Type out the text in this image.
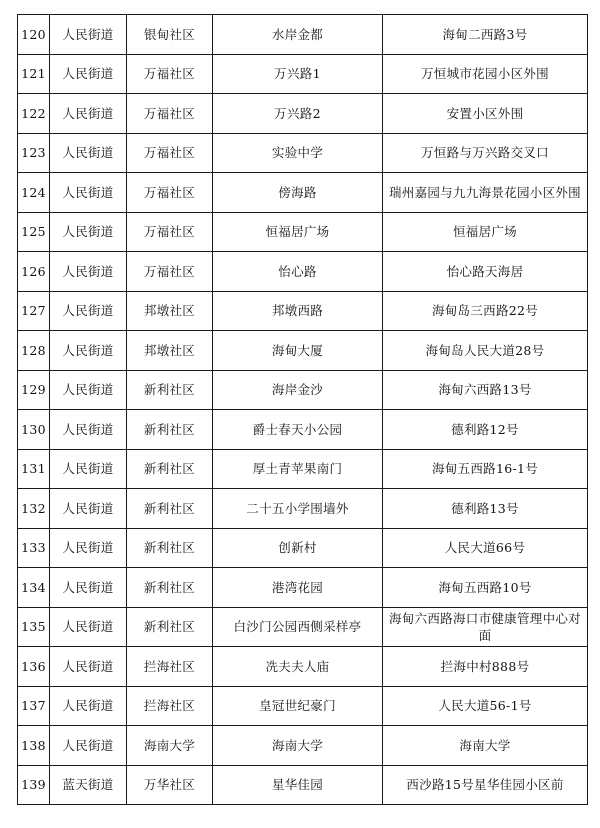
120	人民街道	银甸社区	水岸金都	海甸二西路3号
121	人民街道	万福社区	万兴路1	万恒城市花园小区外围
122	人民街道	万福社区	万兴路2	安置小区外围
123	人民街道	万福社区	实验中学	万恒路与万兴路交叉口
124	人民街道	万福社区	傍海路	瑞州嘉园与九九海景花园小区外围
125	人民街道	万福社区	恒福居广场	恒福居广场
126	人民街道	万福社区	怡心路	怡心路天海居
127	人民街道	邦墩社区	邦墩西路	海甸岛三西路22号
128	人民街道	邦墩社区	海甸大厦	海甸岛人民大道28号
129	人民街道	新利社区	海岸金沙	海甸六西路13号
130	人民街道	新利社区	爵士春天小公园	德利路12号
131	人民街道	新利社区	厚土青苹果南门	海甸五西路16-1号
132	人民街道	新利社区	二十五小学围墙外	德利路13号
133	人民街道	新利社区	创新村	人民大道66号
134	人民街道	新利社区	港湾花园	海甸五西路10号
135	人民街道	新利社区	白沙门公园西侧采样亭	海甸六西路海口市健康管理中心对面
136	人民街道	拦海社区	冼夫夫人庙	拦海中村888号
137	人民街道	拦海社区	皇冠世纪豪门	人民大道56-1号
138	人民街道	海南大学	海南大学	海南大学
139	蓝天街道	万华社区	星华佳园	西沙路15号星华佳园小区前
